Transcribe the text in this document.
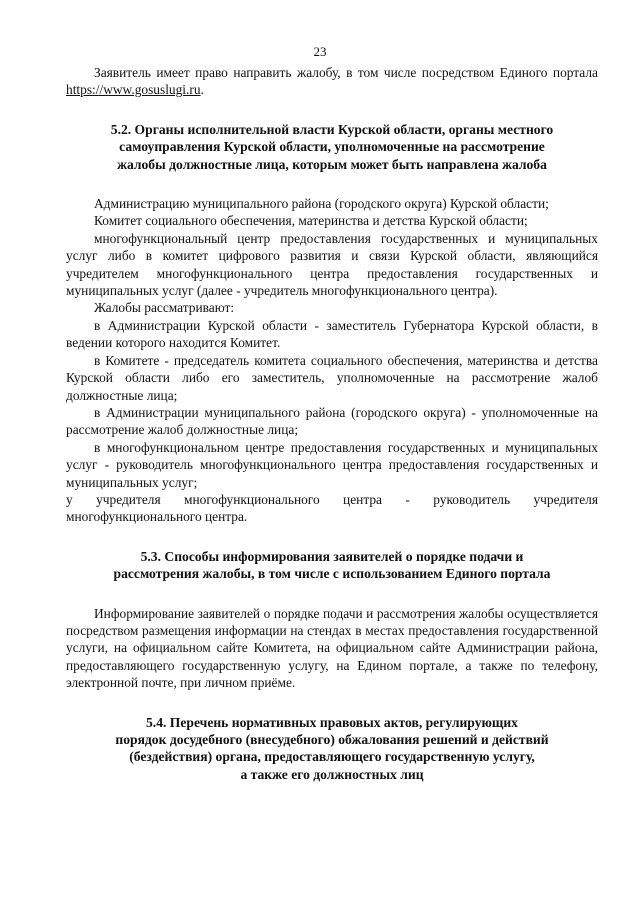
23

Заявитель имеет право направить жалобу, в том числе посредством Единого портала https://www.gosuslugi.ru.

5.2. Органы исполнительной власти Курской области, органы местного

самоуправления Курской области, уполномоченные на рассмотрение

жалобы должностные лица, которым может быть направлена жалоба

Администрацию муниципального района (городского округа) Курской области;

Комитет социального обеспечения, материнства и детства Курской области;

многофункциональный центр предоставления государственных и муниципальных услуг либо в комитет цифрового развития и связи Курской области, являющийся учредителем многофункционального центра предоставления государственных и муниципальных услуг (далее - учредитель многофункционального центра).

Жалобы рассматривают:

в Администрации Курской области - заместитель Губернатора Курской области, в ведении которого находится Комитет.

в Комитете - председатель комитета социального обеспечения, материнства и детства Курской области либо его заместитель, уполномоченные на рассмотрение жалоб должностные лица;

в Администрации муниципального района (городского округа) - уполномоченные на рассмотрение жалоб должностные лица;

в многофункциональном центре предоставления государственных и муниципальных услуг - руководитель многофункционального центра предоставления государственных и муниципальных услуг;

у учредителя многофункционального центра - руководитель учредителя многофункционального центра.

5.3. Способы информирования заявителей о порядке подачи и

рассмотрения жалобы, в том числе с использованием Единого портала

Информирование заявителей о порядке подачи и рассмотрения жалобы осуществляется посредством размещения информации на стендах в местах предоставления государственной услуги, на официальном сайте Комитета, на официальном сайте Администрации района, предоставляющего государственную услугу, на Едином портале, а также по телефону, электронной почте, при личном приёме.

5.4. Перечень нормативных правовых актов, регулирующих

порядок досудебного (внесудебного) обжалования решений и действий

(бездействия) органа, предоставляющего государственную услугу,

а также его должностных лиц
